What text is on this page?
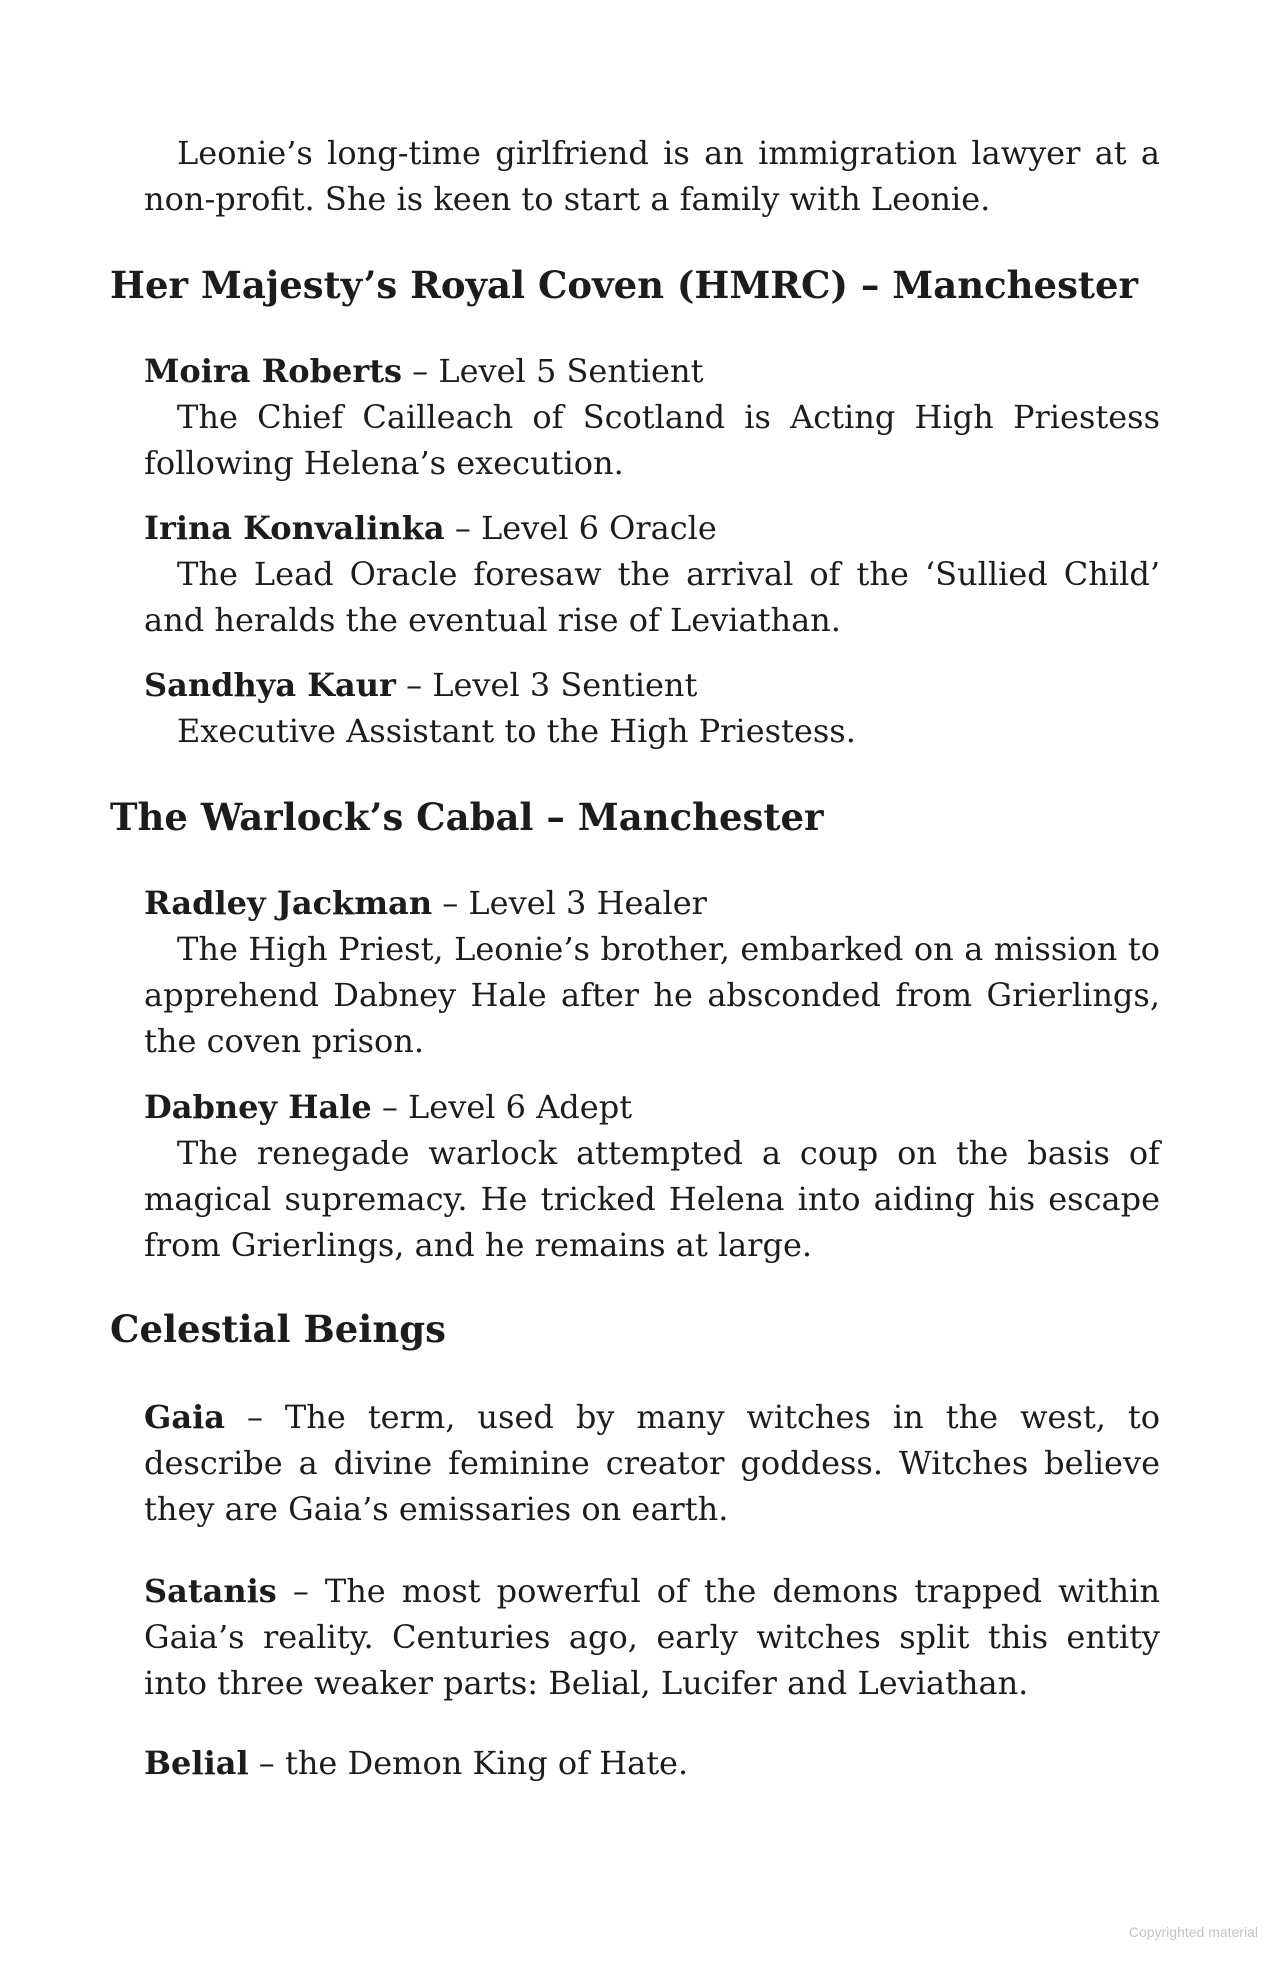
Leonie’s long-time girlfriend is an immigration lawyer at a non-profit. She is keen to start a family with Leonie.
Her Majesty’s Royal Coven (HMRC) – Manchester
Moira Roberts – Level 5 Sentient
The Chief Cailleach of Scotland is Acting High Priestess following Helena’s execution.
Irina Konvalinka – Level 6 Oracle
The Lead Oracle foresaw the arrival of the ‘Sullied Child’ and heralds the eventual rise of Leviathan.
Sandhya Kaur – Level 3 Sentient
Executive Assistant to the High Priestess.
The Warlock’s Cabal – Manchester
Radley Jackman – Level 3 Healer
The High Priest, Leonie’s brother, embarked on a mission to apprehend Dabney Hale after he absconded from Grierlings, the coven prison.
Dabney Hale – Level 6 Adept
The renegade warlock attempted a coup on the basis of magical supremacy. He tricked Helena into aiding his escape from Grierlings, and he remains at large.
Celestial Beings
Gaia – The term, used by many witches in the west, to describe a divine feminine creator goddess. Witches believe they are Gaia’s emissaries on earth.
Satanis – The most powerful of the demons trapped within Gaia’s reality. Centuries ago, early witches split this entity into three weaker parts: Belial, Lucifer and Leviathan.
Belial – the Demon King of Hate.
Copyrighted material
